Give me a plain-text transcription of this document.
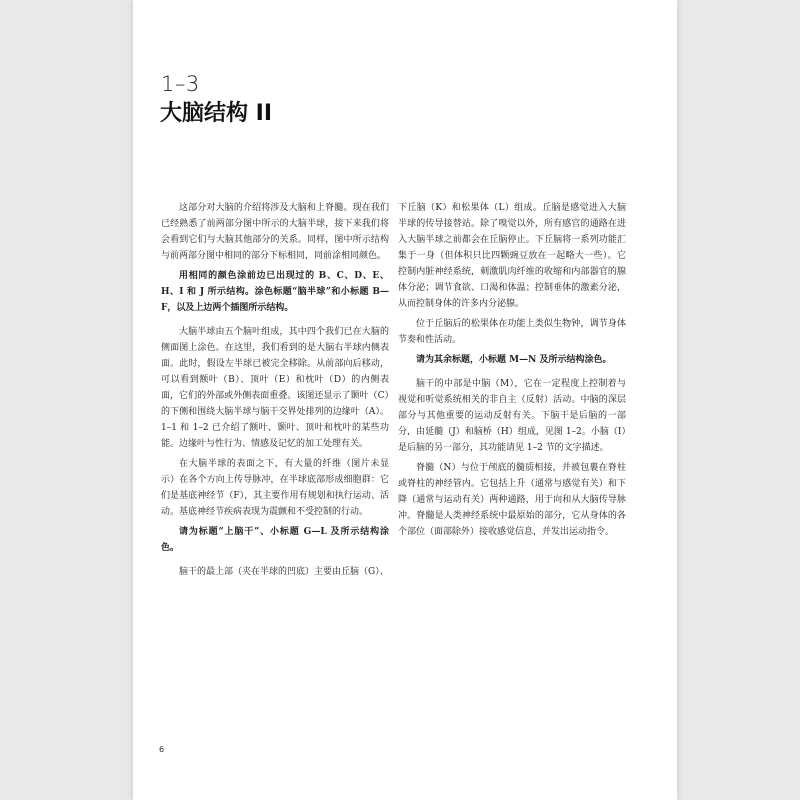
1–3
大脑结构 II

这部分对大脑的介绍将涉及大脑和上脊髓。现在我们已经熟悉了前两部分图中所示的大脑半球，接下来我们将会看到它们与大脑其他部分的关系。同样，图中所示结构与前两部分图中相同的部分下标相同，同前涂相同颜色。

用相同的颜色涂前边已出现过的 B、C、D、E、H、I 和 J 所示结构。涂色标题“脑半球”和小标题 B—F，以及上边两个插图所示结构。

大脑半球由五个脑叶组成，其中四个我们已在大脑的侧面图上涂色。在这里，我们看到的是大脑右半球内侧表面。此时，假设左半球已被完全移除。从前部向后移动，可以看到额叶（B）、顶叶（E）和枕叶（D）的内侧表面，它们的外部或外侧表面重叠。该图还显示了颞叶（C）的下侧和围绕大脑半球与脑干交界处排列的边缘叶（A）。1–1 和 1–2 已介绍了额叶、颞叶、顶叶和枕叶的某些功能。边缘叶与性行为、情感及记忆的加工处理有关。

在大脑半球的表面之下，有大量的纤维（图片未显示）在各个方向上传导脉冲，在半球底部形成细胞群：它们是基底神经节（F），其主要作用有规划和执行运动、活动。基底神经节疾病表现为震颤和不受控制的行动。

请为标题“上脑干”、小标题 G—L 及所示结构涂色。

脑干的最上部（夹在半球的凹底）主要由丘脑（G）、

下丘脑（K）和松果体（L）组成。丘脑是感觉进入大脑半球的传导接替站。除了嗅觉以外，所有感官的通路在进入大脑半球之前都会在丘脑停止。下丘脑将一系列功能汇集于一身（但体积只比四颗豌豆放在一起略大一些）。它控制内脏神经系统，刺激肌肉纤维的收缩和内部器官的腺体分泌；调节食欲、口渴和体温；控制垂体的激素分泌，从而控制身体的许多内分泌腺。

位于丘脑后的松果体在功能上类似生物钟，调节身体节奏和性活动。

请为其余标题，小标题 M—N 及所示结构涂色。

脑干的中部是中脑（M），它在一定程度上控制着与视觉和听觉系统相关的非自主（反射）活动。中脑的深层部分与其他重要的运动反射有关。下脑干是后脑的一部分，由延髓（J）和脑桥（H）组成，见图 1–2。小脑（I）是后脑的另一部分，其功能请见 1–2 节的文字描述。

脊髓（N）与位于颅底的髓质相接，并被包裹在脊柱或脊柱的神经管内。它包括上升（通常与感觉有关）和下降（通常与运动有关）两种通路，用于向和从大脑传导脉冲。脊髓是人类神经系统中最原始的部分，它从身体的各个部位（面部除外）接收感觉信息，并发出运动指令。

6
